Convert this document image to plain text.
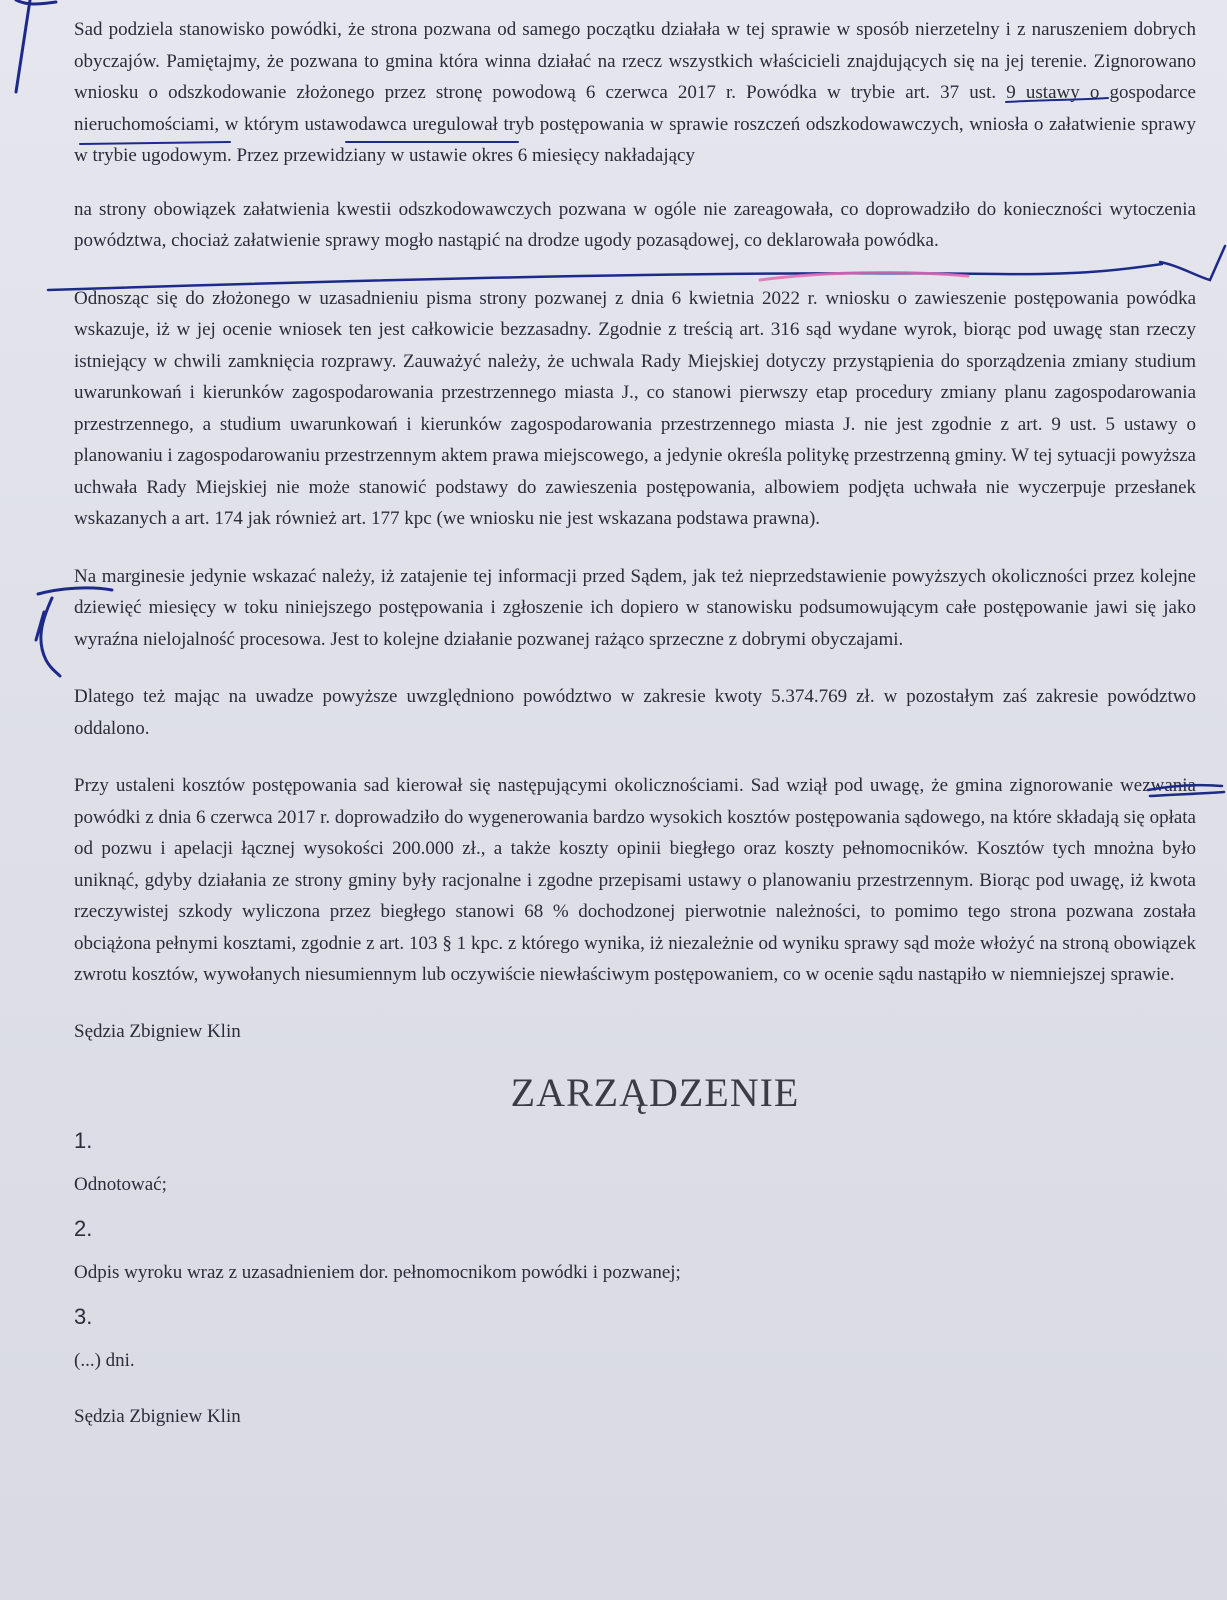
Sad podziela stanowisko powódki, że strona pozwana od samego początku działała w tej sprawie w sposób nierzetelny i z naruszeniem dobrych obyczajów. Pamiętajmy, że pozwana to gmina która winna działać na rzecz wszystkich właścicieli znajdujących się na jej terenie. Zignorowano wniosku o odszkodowanie złożonego przez stronę powodową 6 czerwca 2017 r. Powódka w trybie art. 37 ust. 9 ustawy o gospodarce nieruchomościami, w którym ustawodawca uregulował tryb postępowania w sprawie roszczeń odszkodowawczych, wniosła o załatwienie sprawy w trybie ugodowym. Przez przewidziany w ustawie okres 6 miesięcy nakładający

na strony obowiązek załatwienia kwestii odszkodowawczych pozwana w ogóle nie zareagowała, co doprowadziło do konieczności wytoczenia powództwa, chociaż załatwienie sprawy mogło nastąpić na drodze ugody pozasądowej, co deklarowała powódka.

Odnosząc się do złożonego w uzasadnieniu pisma strony pozwanej z dnia 6 kwietnia 2022 r. wniosku o zawieszenie postępowania powódka wskazuje, iż w jej ocenie wniosek ten jest całkowicie bezzasadny. Zgodnie z treścią art. 316 sąd wydane wyrok, biorąc pod uwagę stan rzeczy istniejący w chwili zamknięcia rozprawy. Zauważyć należy, że uchwala Rady Miejskiej dotyczy przystąpienia do sporządzenia zmiany studium uwarunkowań i kierunków zagospodarowania przestrzennego miasta J., co stanowi pierwszy etap procedury zmiany planu zagospodarowania przestrzennego, a studium uwarunkowań i kierunków zagospodarowania przestrzennego miasta J. nie jest zgodnie z art. 9 ust. 5 ustawy o planowaniu i zagospodarowaniu przestrzennym aktem prawa miejscowego, a jedynie określa politykę przestrzenną gminy. W tej sytuacji powyższa uchwała Rady Miejskiej nie może stanowić podstawy do zawieszenia postępowania, albowiem podjęta uchwała nie wyczerpuje przesłanek wskazanych a art. 174 jak również art. 177 kpc (we wniosku nie jest wskazana podstawa prawna).

Na marginesie jedynie wskazać należy, iż zatajenie tej informacji przed Sądem, jak też nieprzedstawienie powyższych okoliczności przez kolejne dziewięć miesięcy w toku niniejszego postępowania i zgłoszenie ich dopiero w stanowisku podsumowującym całe postępowanie jawi się jako wyraźna nielojalność procesowa. Jest to kolejne działanie pozwanej rażąco sprzeczne z dobrymi obyczajami.

Dlatego też mając na uwadze powyższe uwzględniono powództwo w zakresie kwoty 5.374.769 zł. w pozostałym zaś zakresie powództwo oddalono.

Przy ustaleni kosztów postępowania sad kierował się następującymi okolicznościami. Sad wziął pod uwagę, że gmina zignorowanie wezwania powódki z dnia 6 czerwca 2017 r. doprowadziło do wygenerowania bardzo wysokich kosztów postępowania sądowego, na które składają się opłata od pozwu i apelacji łącznej wysokości 200.000 zł., a także koszty opinii biegłego oraz koszty pełnomocników. Kosztów tych mnożna było uniknąć, gdyby działania ze strony gminy były racjonalne i zgodne przepisami ustawy o planowaniu przestrzennym. Biorąc pod uwagę, iż kwota rzeczywistej szkody wyliczona przez biegłego stanowi 68 % dochodzonej pierwotnie należności, to pomimo tego strona pozwana została obciążona pełnymi kosztami, zgodnie z art. 103 § 1 kpc. z którego wynika, iż niezależnie od wyniku sprawy sąd może włożyć na stroną obowiązek zwrotu kosztów, wywołanych niesumiennym lub oczywiście niewłaściwym postępowaniem, co w ocenie sądu nastąpiło w niemniejszej sprawie.

Sędzia Zbigniew Klin

ZARZĄDZENIE

1.

Odnotować;

2.

Odpis wyroku wraz z uzasadnieniem dor. pełnomocnikom powódki i pozwanej;

3.

(...) dni.

Sędzia Zbigniew Klin
